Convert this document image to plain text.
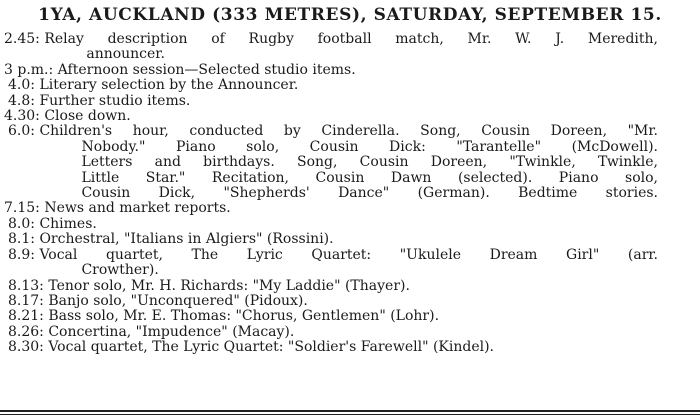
1YA, AUCKLAND (333 METRES), SATURDAY, SEPTEMBER 15.
2.45: Relay description of Rugby football match, Mr. W. J. Meredith,
announcer.
3 p.m.: Afternoon session—Selected studio items.
4.0: Literary selection by the Announcer.
4.8: Further studio items.
4.30: Close down.
6.0: Children's hour, conducted by Cinderella. Song, Cousin Doreen, "Mr.
Nobody." Piano solo, Cousin Dick: "Tarantelle" (McDowell).
Letters and birthdays. Song, Cousin Doreen, "Twinkle, Twinkle,
Little Star." Recitation, Cousin Dawn (selected). Piano solo,
Cousin Dick, "Shepherds' Dance" (German). Bedtime stories.
7.15: News and market reports.
8.0: Chimes.
8.1: Orchestral, "Italians in Algiers" (Rossini).
8.9: Vocal quartet, The Lyric Quartet: "Ukulele Dream Girl" (arr.
Crowther).
8.13: Tenor solo, Mr. H. Richards: "My Laddie" (Thayer).
8.17: Banjo solo, "Unconquered" (Pidoux).
8.21: Bass solo, Mr. E. Thomas: "Chorus, Gentlemen" (Lohr).
8.26: Concertina, "Impudence" (Macay).
8.30: Vocal quartet, The Lyric Quartet: "Soldier's Farewell" (Kindel).
